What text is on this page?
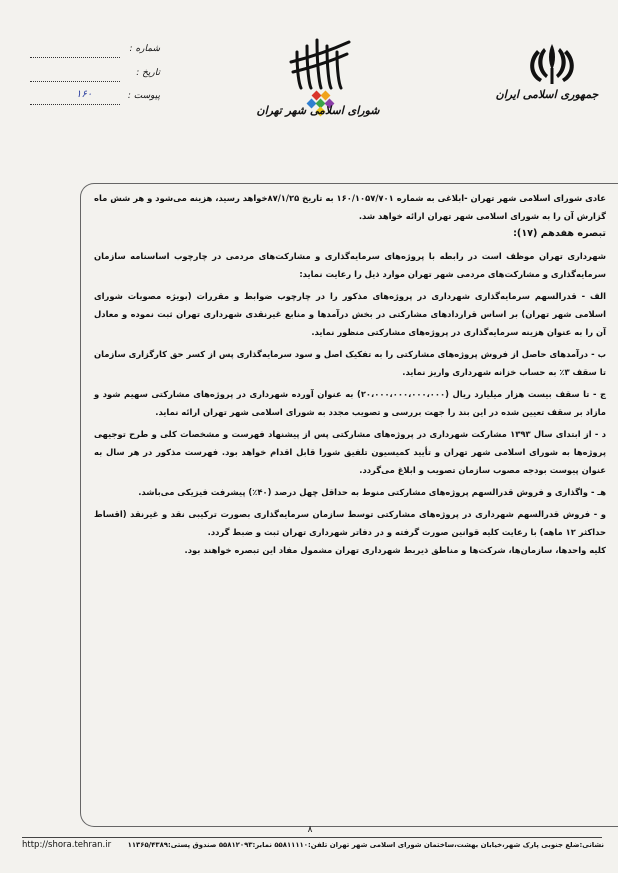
جمهوری اسلامی ایران
شورای اسلامی شهر تهران
شماره :
تاریخ :
۱۶۰	پیوست :

عادی شورای اسلامی شهر تهران -ابلاغی به شماره ۱۶۰/۱۰۵۷/۷۰۱ به تاریخ ۸۷/۱/۲۵خواهد رسید، هزینه می‌شود و هر شش ماه گزارش آن را به شورای اسلامی شهر تهران ارائه خواهد شد.

تبصره هفدهم (۱۷):

شهرداری تهران موظف است در رابطه با پروژه‌های سرمایه‌گذاری و مشارکت‌های مردمی در چارچوب اساسنامه سازمان سرمایه‌گذاری و مشارکت‌های مردمی شهر تهران موارد ذیل را رعایت نماید:

الف - قدرالسهم سرمایه‌گذاری شهرداری در پروژه‌های مذکور را در چارچوب ضوابط و مقررات (بویژه مصوبات شورای اسلامی شهر تهران) بر اساس قراردادهای مشارکتی در بخش درآمدها و منابع غیرنقدی شهرداری تهران ثبت نموده و معادل آن را به عنوان هزینه سرمایه‌گذاری در پروژه‌های مشارکتی منظور نماید.

ب - درآمدهای حاصل از فروش پروژه‌های مشارکتی را به تفکیک اصل و سود سرمایه‌گذاری پس از کسر حق کارگزاری سازمان تا سقف ۳٪ به حساب خزانه شهرداری واریز نماید.

ج - تا سقف بیست هزار میلیارد ریال (۲۰،۰۰۰،۰۰۰،۰۰۰،۰۰۰) به عنوان آورده شهرداری در پروژه‌های مشارکتی سهیم شود و مازاد بر سقف تعیین شده در این بند را جهت بررسی و تصویب مجدد به شورای اسلامی شهر تهران ارائه نماید.

د - از ابتدای سال ۱۳۹۳ مشارکت شهرداری در پروژه‌های مشارکتی پس از پیشنهاد فهرست و مشخصات کلی و طرح توجیهی پروژه‌ها به شورای اسلامی شهر تهران و تأیید کمیسیون تلفیق شورا قابل اقدام خواهد بود. فهرست مذکور در هر سال به عنوان پیوست بودجه مصوب سازمان تصویب و ابلاغ می‌گردد.

هـ - واگذاری و فروش قدرالسهم پروژه‌های مشارکتی منوط به حداقل چهل درصد (۴۰٪) پیشرفت فیزیکی می‌باشد.

و - فروش قدرالسهم شهرداری در پروژه‌های مشارکتی توسط سازمان سرمایه‌گذاری بصورت ترکیبی نقد و غیرنقد (اقساط حداکثر ۱۲ ماهه) با رعایت کلیه قوانین صورت گرفته و در دفاتر شهرداری تهران ثبت و ضبط گردد.

کلیه واحدها، سازمان‌ها، شرکت‌ها و مناطق ذیربط شهرداری تهران مشمول مفاد این تبصره خواهند بود.

۸
نشانی:ضلع جنوبی پارک شهر،خیابان بهشت،ساختمان شورای اسلامی شهر تهران تلفن:۵۵۸۱۱۱۱۰ نمابر:۵۵۸۱۲۰۹۳ صندوق پستی:۱۱۳۶۵/۴۳۸۹
http://shora.tehran.ir
